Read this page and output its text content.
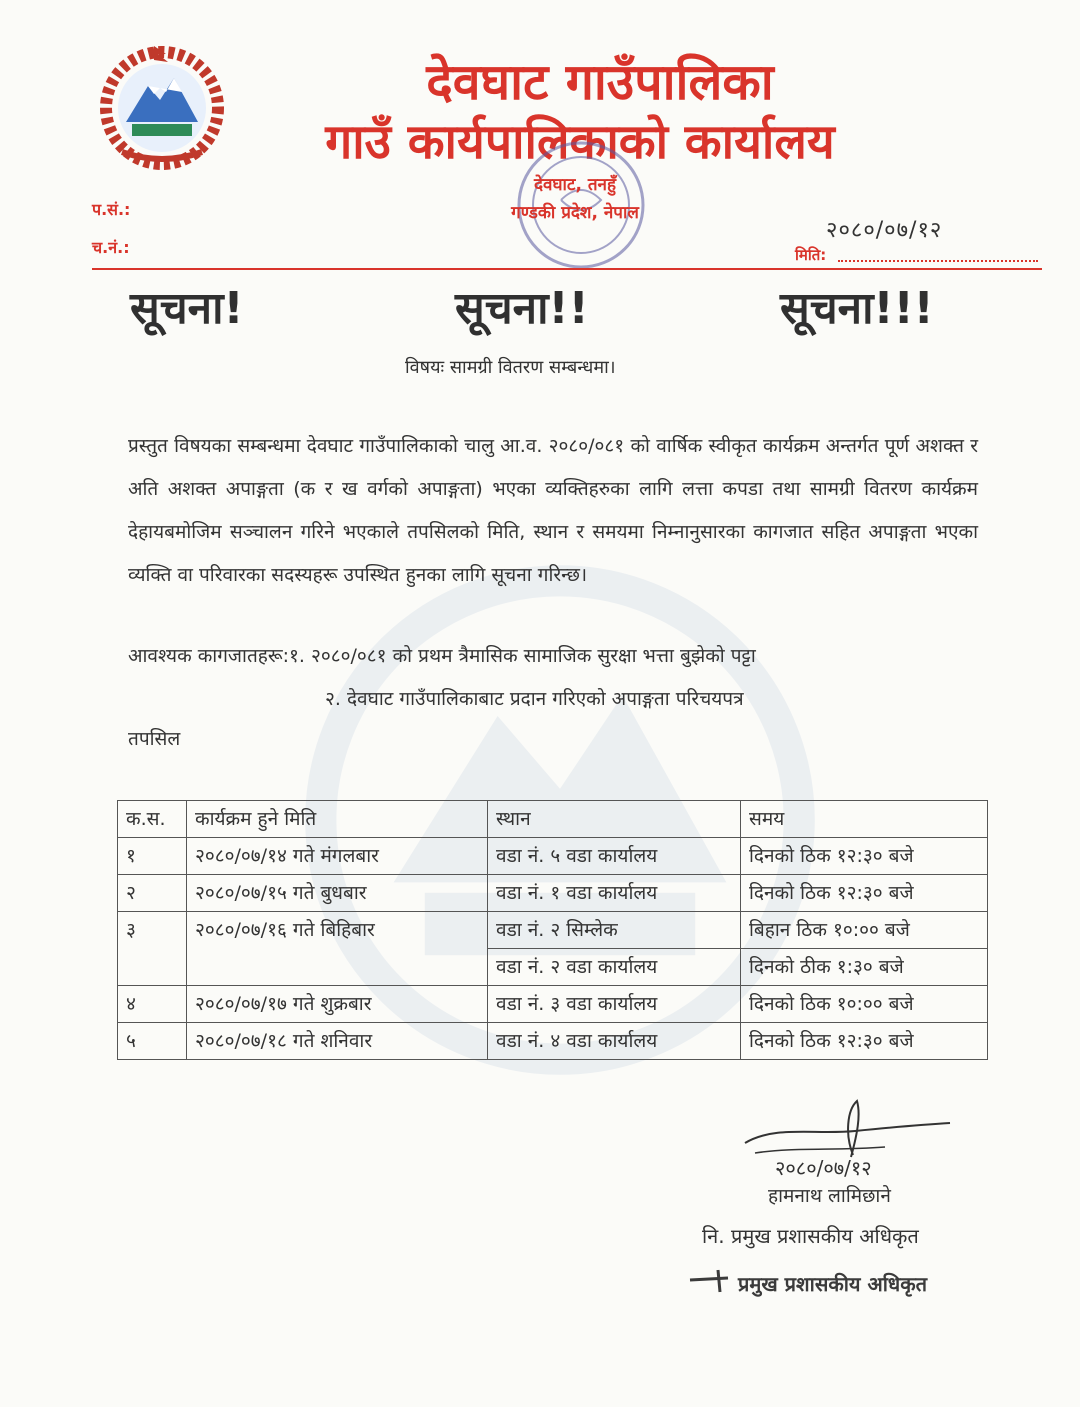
देवघाट गाउँपालिका
गाउँ कार्यपालिकाको कार्यालय
देवघाट, तनहुँ
गण्डकी प्रदेश, नेपाल
प.सं.:
च.नं.:
२०८०/०७/१२
मिति:
सूचना!	सूचना!!	सूचना!!!
विषयः सामग्री वितरण सम्बन्धमा।
प्रस्तुत विषयका सम्बन्धमा देवघाट गाउँपालिकाको चालु आ.व. २०८०/०८१ को वार्षिक स्वीकृत कार्यक्रम अन्तर्गत पूर्ण अशक्त र अति अशक्त अपाङ्गता (क र ख वर्गको अपाङ्गता) भएका व्यक्तिहरुका लागि लत्ता कपडा तथा सामग्री वितरण कार्यक्रम देहायबमोजिम सञ्चालन गरिने भएकाले तपसिलको मिति, स्थान र समयमा निम्नानुसारका कागजात सहित अपाङ्गता भएका व्यक्ति वा परिवारका सदस्यहरू उपस्थित हुनका लागि सूचना गरिन्छ।
आवश्यक कागजातहरू:१. २०८०/०८१ को प्रथम त्रैमासिक सामाजिक सुरक्षा भत्ता बुझेको पट्टा
२. देवघाट गाउँपालिकाबाट प्रदान गरिएको अपाङ्गता परिचयपत्र
तपसिल
क.स.	कार्यक्रम हुने मिति	स्थान	समय
१	२०८०/०७/१४ गते मंगलबार	वडा नं. ५ वडा कार्यालय	दिनको ठिक १२:३० बजे
२	२०८०/०७/१५ गते बुधबार	वडा नं. १ वडा कार्यालय	दिनको ठिक १२:३० बजे
३	२०८०/०७/१६ गते बिहिबार	वडा नं. २ सिम्लेक	बिहान ठिक १०:०० बजे
		वडा नं. २ वडा कार्यालय	दिनको ठीक १:३० बजे
४	२०८०/०७/१७ गते शुक्रबार	वडा नं. ३ वडा कार्यालय	दिनको ठिक १०:०० बजे
५	२०८०/०७/१८ गते शनिवार	वडा नं. ४ वडा कार्यालय	दिनको ठिक १२:३० बजे
२०८०/०७/१२
हामनाथ लामिछाने
नि. प्रमुख प्रशासकीय अधिकृत
प्रमुख प्रशासकीय अधिकृत
